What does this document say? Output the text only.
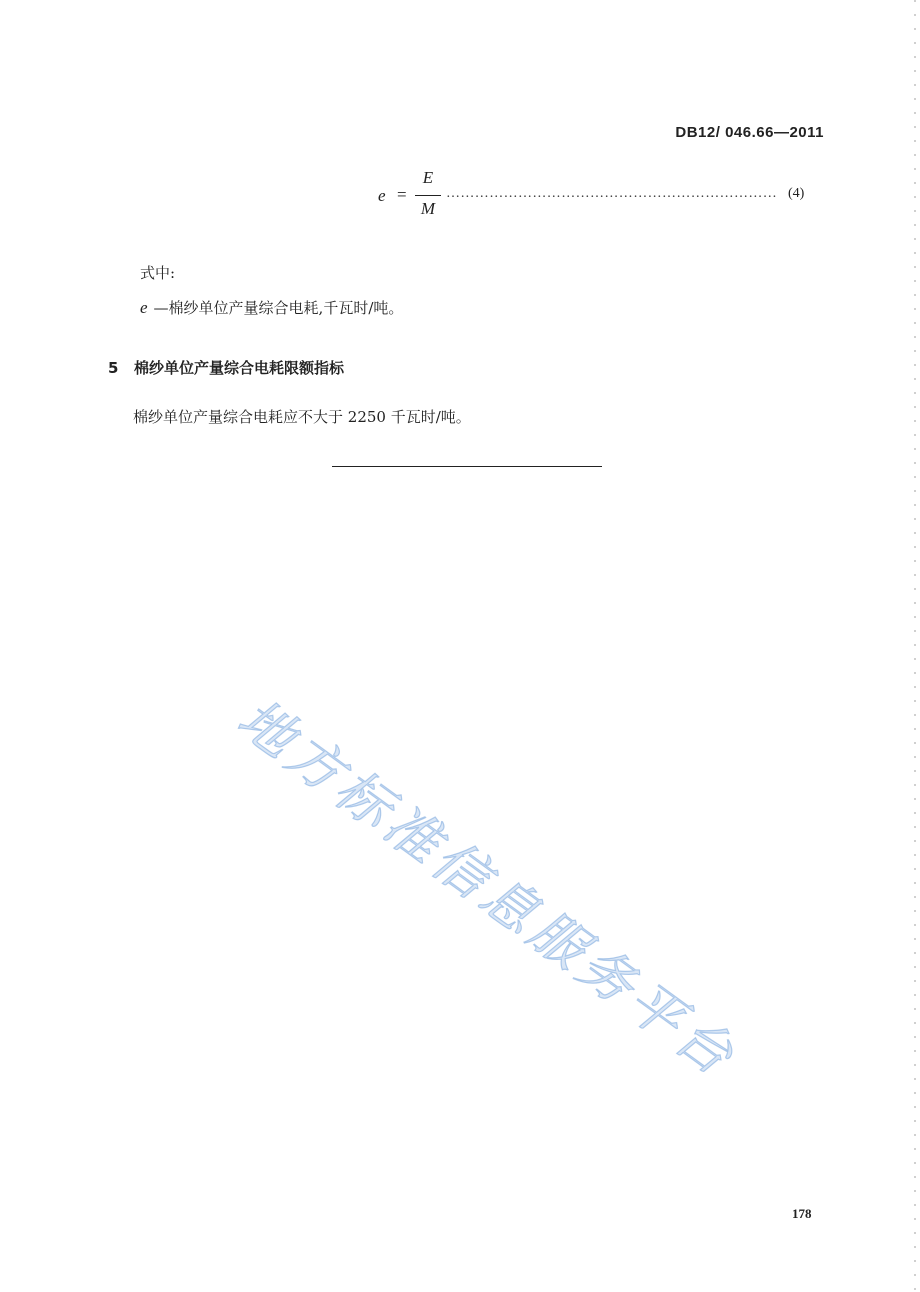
DB12/ 046.66—2011
e =
E
M
…………………………………………………………… (4)
式中:
e —棉纱单位产量综合电耗,千瓦时/吨。
5 棉纱单位产量综合电耗限额指标
棉纱单位产量综合电耗应不大于 2250 千瓦时/吨。
地方标准信息服务平台
178
